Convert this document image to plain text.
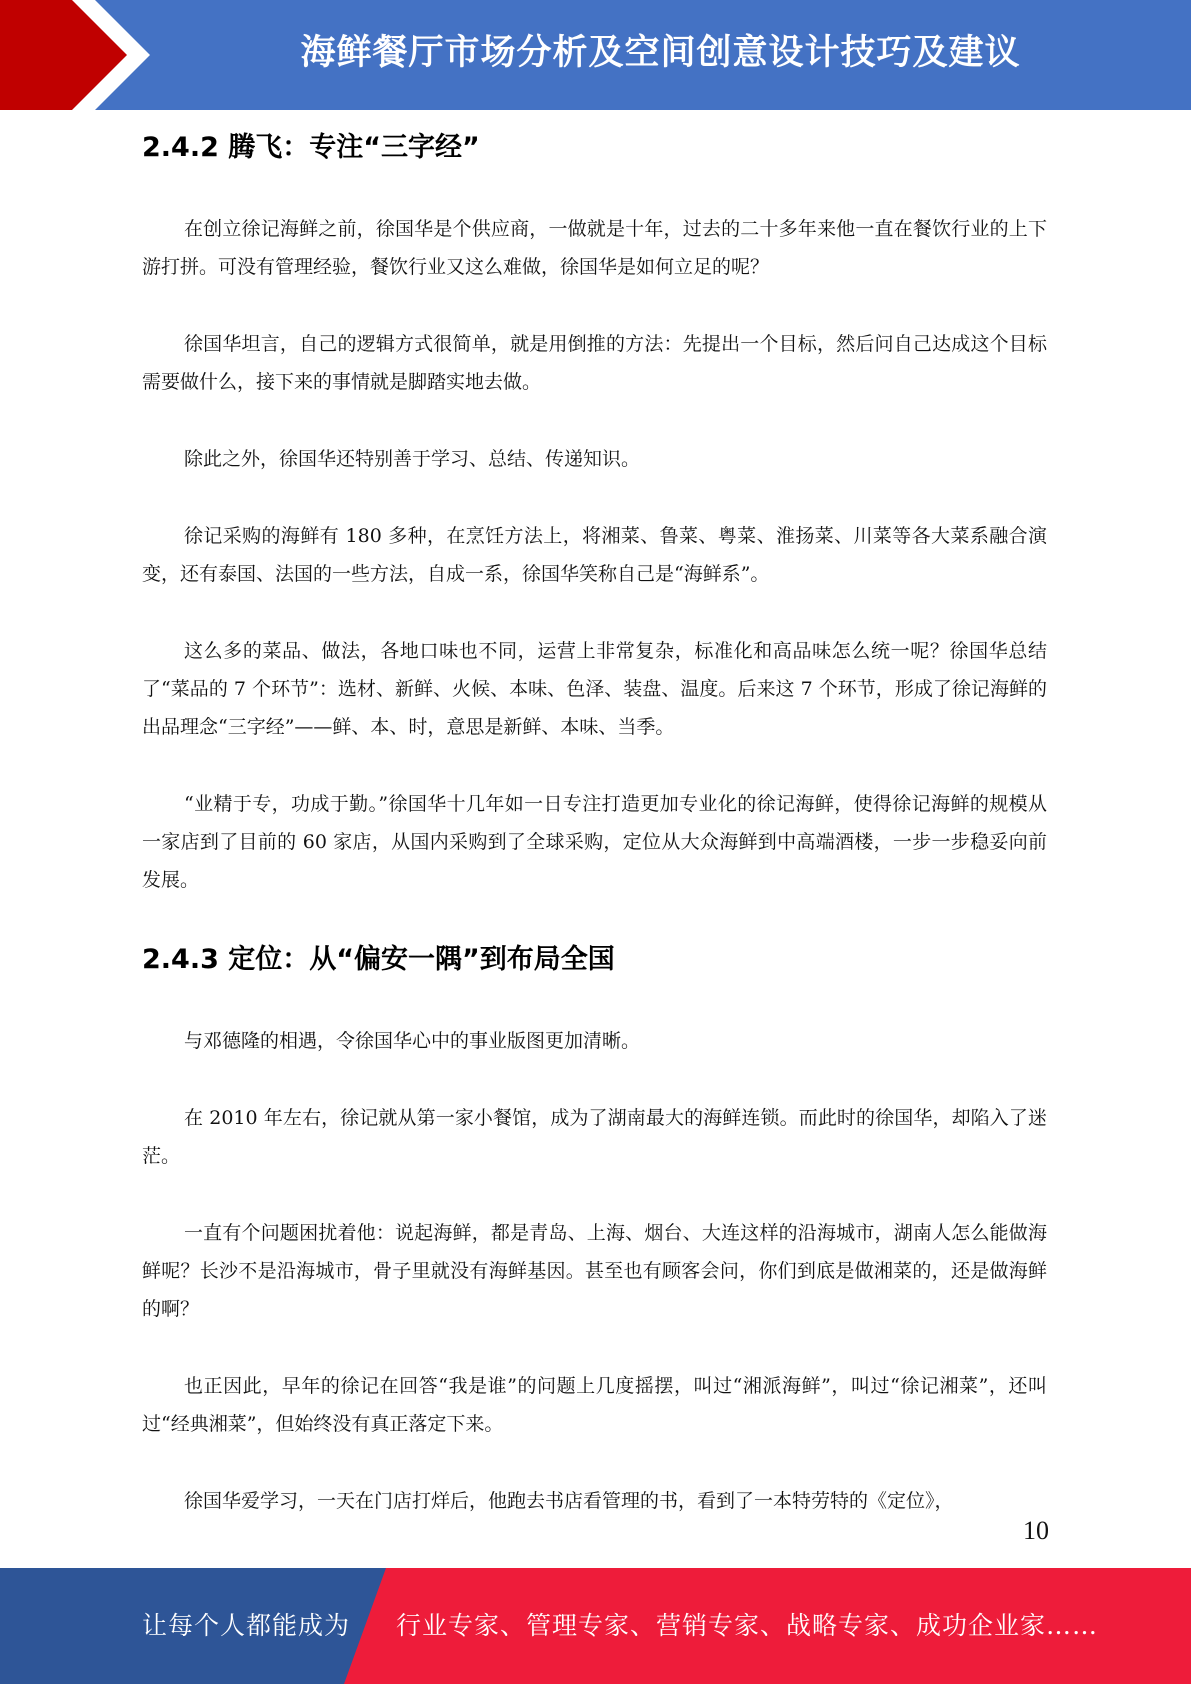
海鲜餐厅市场分析及空间创意设计技巧及建议
2.4.2 腾飞：专注“三字经”

在创立徐记海鲜之前，徐国华是个供应商，一做就是十年，过去的二十多年来他一直在餐饮行业的上下游打拼。可没有管理经验，餐饮行业又这么难做，徐国华是如何立足的呢？

徐国华坦言，自己的逻辑方式很简单，就是用倒推的方法：先提出一个目标，然后问自己达成这个目标需要做什么，接下来的事情就是脚踏实地去做。

除此之外，徐国华还特别善于学习、总结、传递知识。

徐记采购的海鲜有 180 多种，在烹饪方法上，将湘菜、鲁菜、粤菜、淮扬菜、川菜等各大菜系融合演变，还有泰国、法国的一些方法，自成一系，徐国华笑称自己是“海鲜系”。

这么多的菜品、做法，各地口味也不同，运营上非常复杂，标准化和高品味怎么统一呢？徐国华总结了“菜品的 7 个环节”：选材、新鲜、火候、本味、色泽、装盘、温度。后来这 7 个环节，形成了徐记海鲜的出品理念“三字经”——鲜、本、时，意思是新鲜、本味、当季。

“业精于专，功成于勤。”徐国华十几年如一日专注打造更加专业化的徐记海鲜，使得徐记海鲜的规模从一家店到了目前的 60 家店，从国内采购到了全球采购，定位从大众海鲜到中高端酒楼，一步一步稳妥向前发展。

2.4.3 定位：从“偏安一隅”到布局全国

与邓德隆的相遇，令徐国华心中的事业版图更加清晰。

在 2010 年左右，徐记就从第一家小餐馆，成为了湖南最大的海鲜连锁。而此时的徐国华，却陷入了迷茫。

一直有个问题困扰着他：说起海鲜，都是青岛、上海、烟台、大连这样的沿海城市，湖南人怎么能做海鲜呢？长沙不是沿海城市，骨子里就没有海鲜基因。甚至也有顾客会问，你们到底是做湘菜的，还是做海鲜的啊？

也正因此，早年的徐记在回答“我是谁”的问题上几度摇摆，叫过“湘派海鲜”，叫过“徐记湘菜”，还叫过“经典湘菜”，但始终没有真正落定下来。

徐国华爱学习，一天在门店打烊后，他跑去书店看管理的书，看到了一本特劳特的《定位》，

10
让每个人都能成为 行业专家、管理专家、营销专家、战略专家、成功企业家……
